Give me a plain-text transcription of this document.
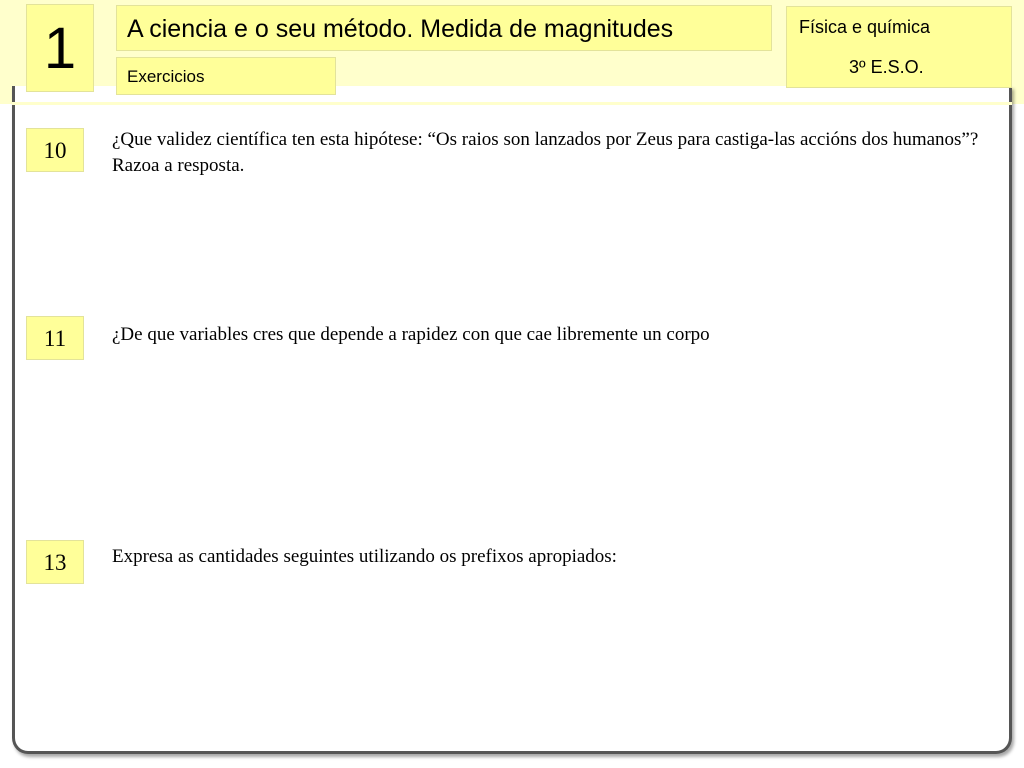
1	A ciencia e o seu método. Medida de magnitudes
Exercicios
Física e química
3º E.S.O.
10	¿Que validez científica ten esta hipótese: “Os raios son lanzados por Zeus para castiga-las accións dos humanos”? Razoa a resposta.
11	¿De que variables cres que depende a rapidez con que cae libremente un corpo
13	Expresa as cantidades seguintes utilizando os prefixos apropiados:
